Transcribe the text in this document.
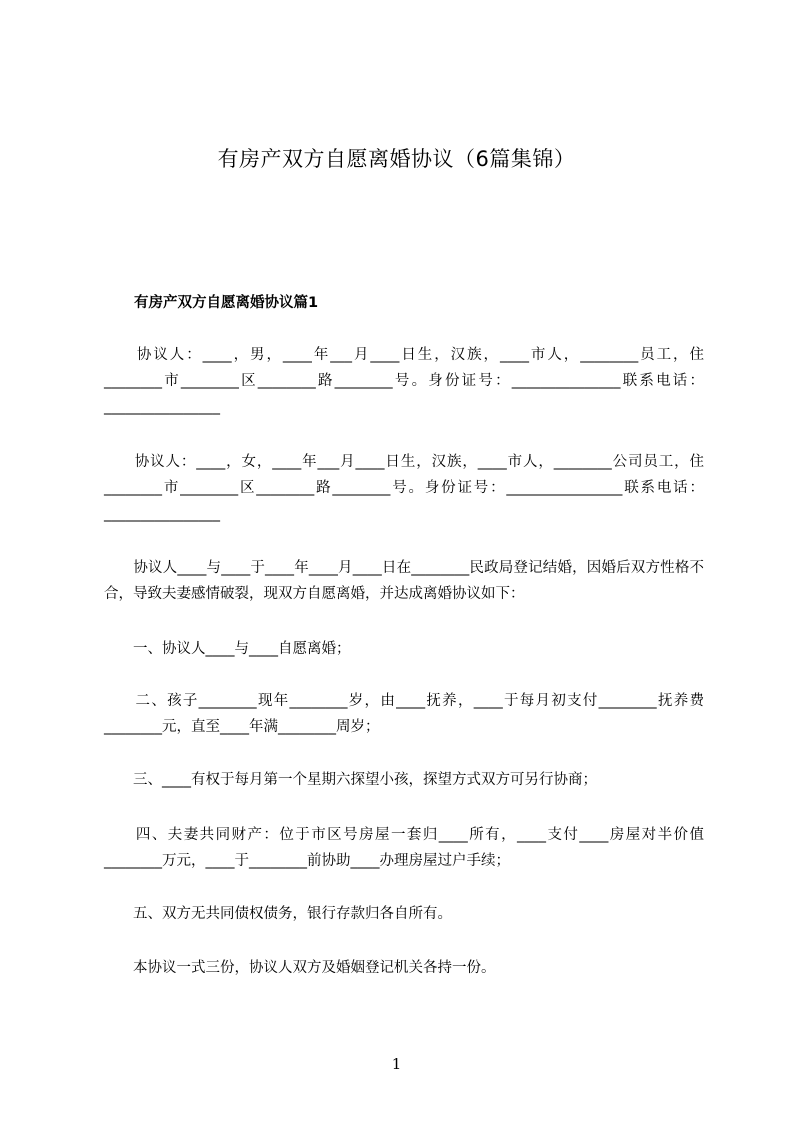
有房产双方自愿离婚协议（6篇集锦）
有房产双方自愿离婚协议篇1
　　协议人：____，男，____年___月____日生，汉族，____市人，________员工，住________市________区________路________号。身份证号：_______________联系电话：________________
　　协议人：____，女，____年___月____日生，汉族，____市人，________公司员工，住________市________区________路________号。身份证号：________________联系电话：________________
　　协议人____与____于____年____月____日在________民政局登记结婚，因婚后双方性格不合，导致夫妻感情破裂，现双方自愿离婚，并达成离婚协议如下：
　　一、协议人____与____自愿离婚；
　　二、孩子________现年________岁，由____抚养，____于每月初支付________抚养费________元，直至____年满________周岁；
　　三、____有权于每月第一个星期六探望小孩，探望方式双方可另行协商；
　　四、夫妻共同财产：位于市区号房屋一套归____所有，____支付____房屋对半价值________万元，____于________前协助____办理房屋过户手续；
　　五、双方无共同债权债务，银行存款归各自所有。
　　本协议一式三份，协议人双方及婚姻登记机关各持一份。
1
